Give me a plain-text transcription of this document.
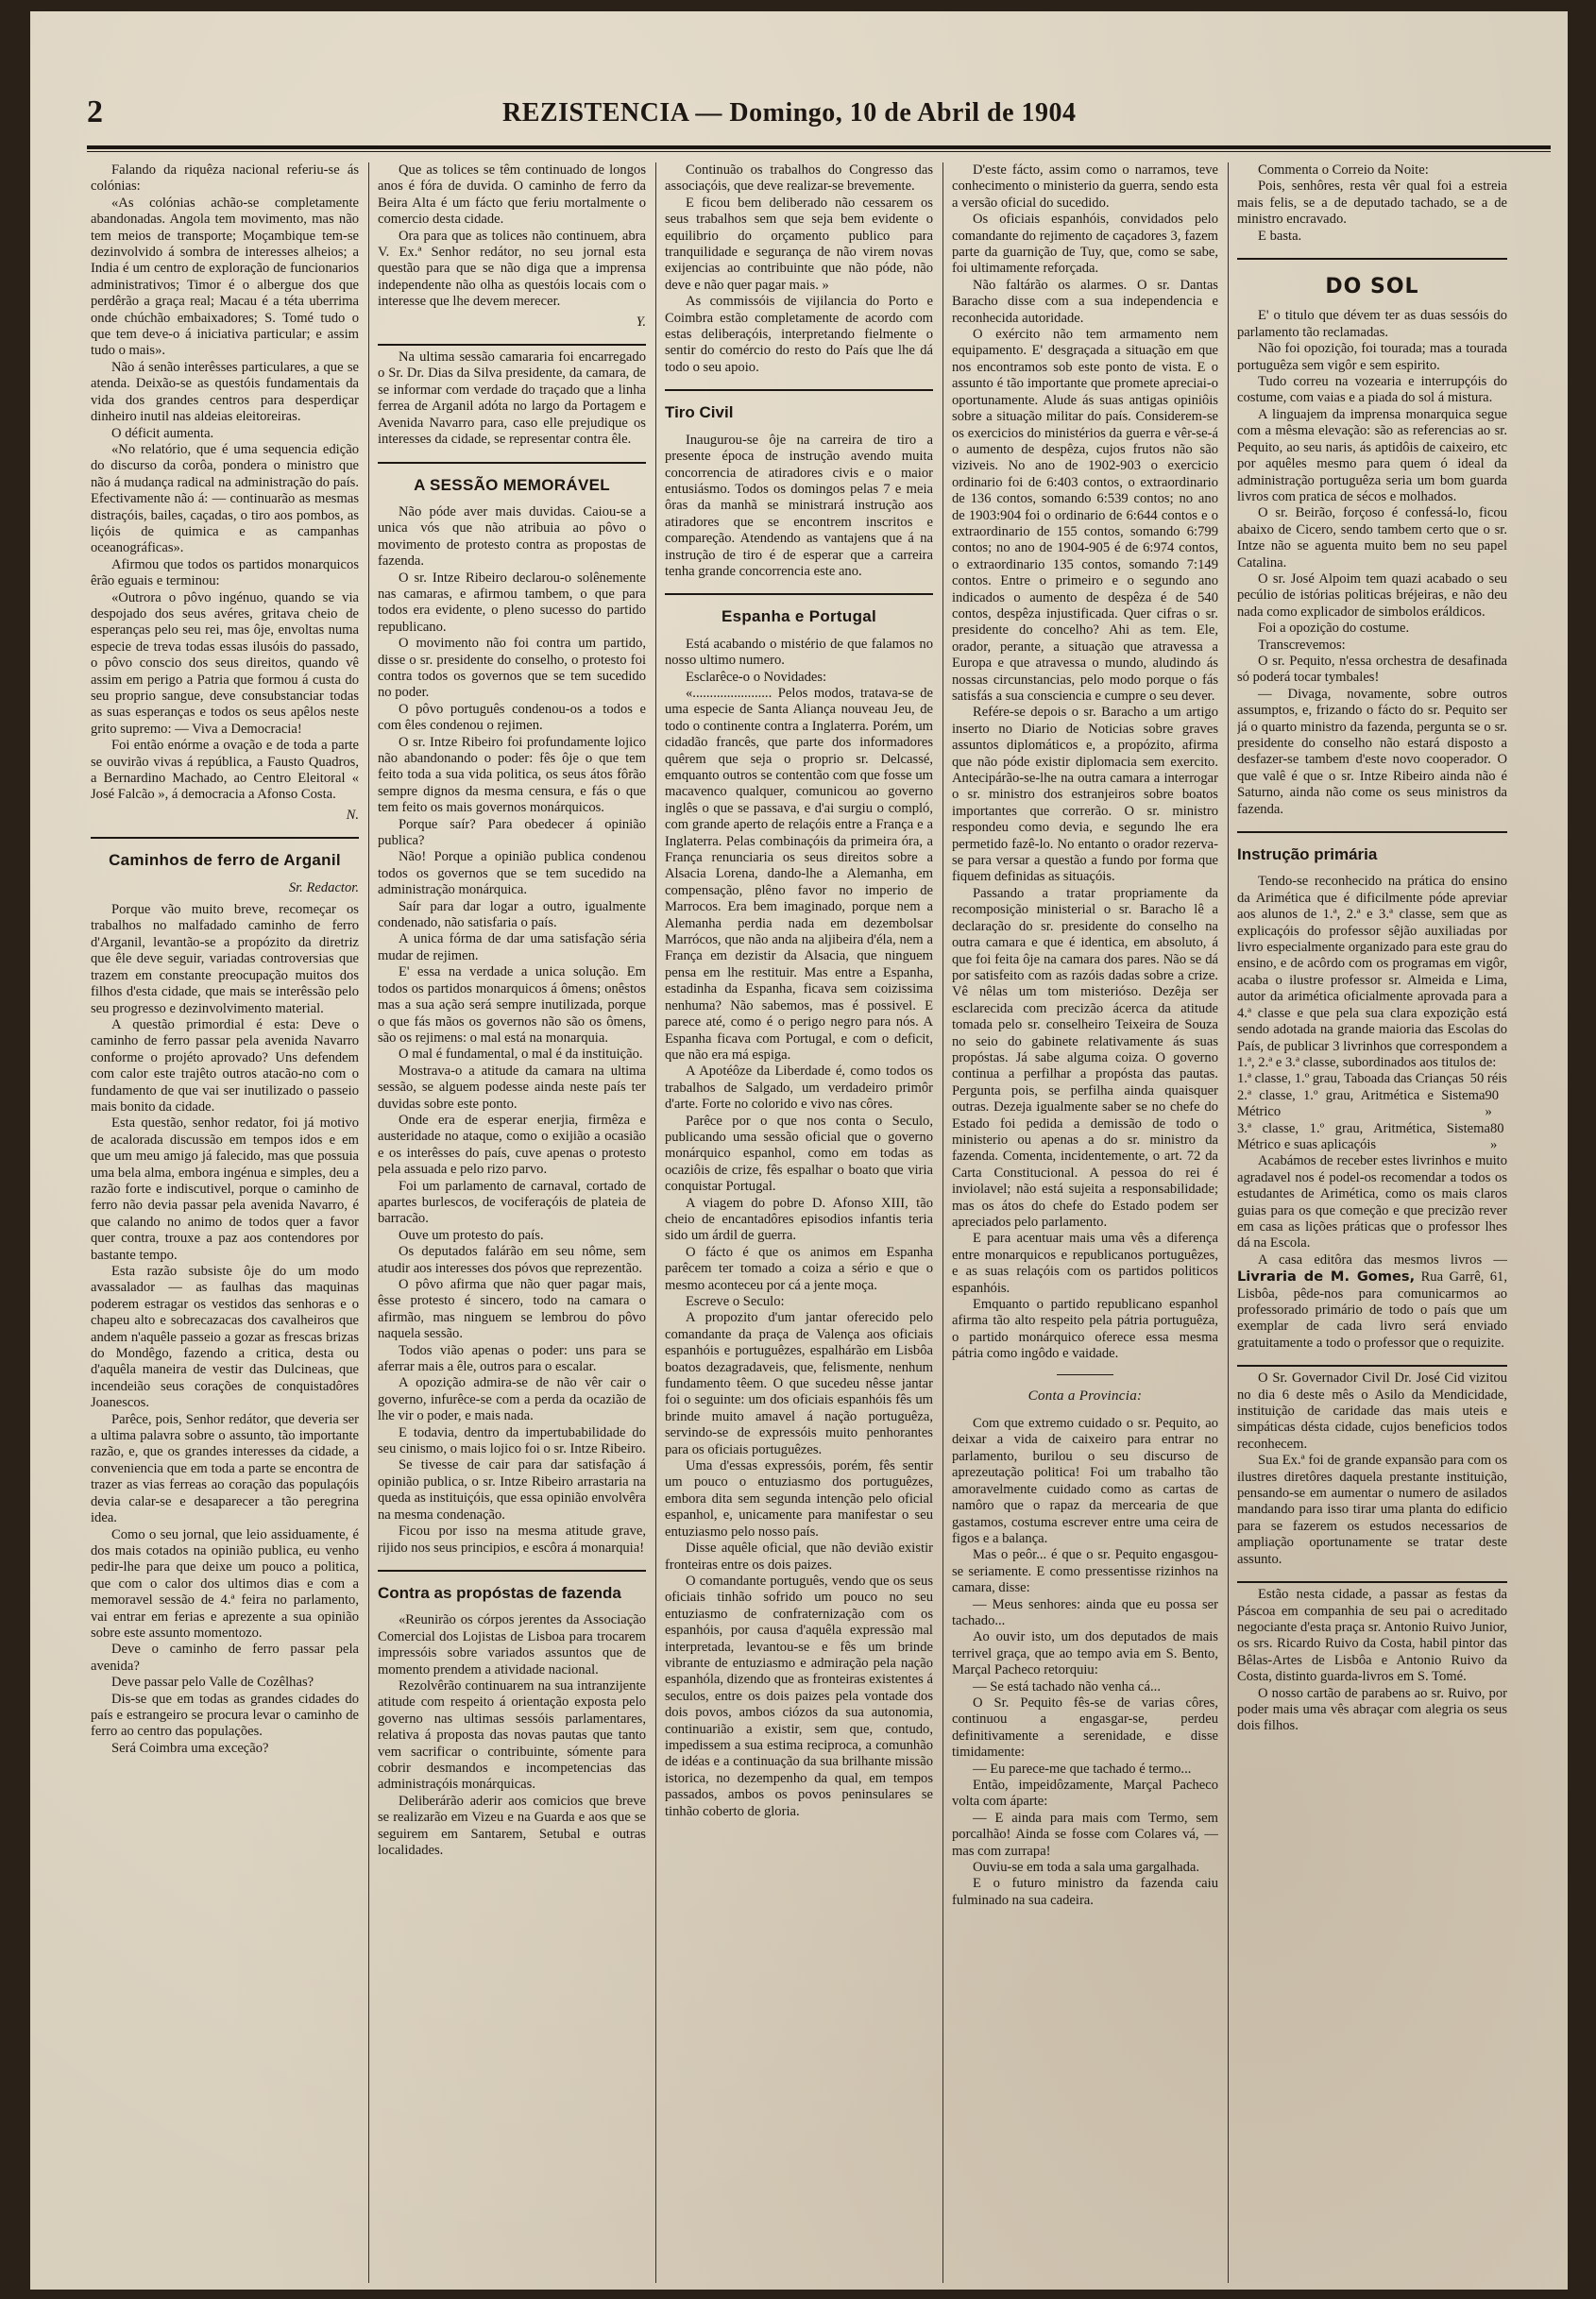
2	REZISTENCIA — Domingo, 10 de Abril de 1904

Falando da riquêza nacional referiu-se ás colónias:

«As colónias achão-se completamente abandonadas. Angola tem movimento, mas não tem meios de transporte; Moçambique tem-se dezinvolvido á sombra de interesses alheios; a India é um centro de exploração de funcionarios administrativos; Timor é o albergue dos que perdêrão a graça real; Macau é a téta uberrima onde chúchão embaixadores; S. Tomé tudo o que tem deve-o á iniciativa particular; e assim tudo o mais».

Não á senão interêsses particulares, a que se atenda. Deixão-se as questóis fundamentais da vida dos grandes centros para desperdiçar dinheiro inutil nas aldeias eleitoreiras.

O déficit aumenta.

«No relatório, que é uma sequencia edição do discurso da corôa, pondera o ministro que não á mudança radical na administração do país. Efectivamente não á: — continuarão as mesmas distraçóis, bailes, caçadas, o tiro aos pombos, as liçóis de quimica e as campanhas oceanográficas».

Afirmou que todos os partidos monarquicos êrão eguais e terminou:

«Outrora o pôvo ingénuo, quando se via despojado dos seus avéres, gritava cheio de esperanças pelo seu rei, mas ôje, envoltas numa especie de treva todas essas ilusóis do passado, o pôvo conscio dos seus direitos, quando vê assim em perigo a Patria que formou á custa do seu proprio sangue, deve consubstanciar todas as suas esperanças e todos os seus apêlos neste grito supremo: — Viva a Democracia!

Foi então enórme a ovação e de toda a parte se ouvirão vivas á república, a Fausto Quadros, a Bernardino Machado, ao Centro Eleitoral « José Falcão », á democracia a Afonso Costa.

N.

Caminhos de ferro de Arganil

Sr. Redactor.

Porque vão muito breve, recomeçar os trabalhos no malfadado caminho de ferro d'Arganil, levantão-se a propózito da diretriz que êle deve seguir, variadas controversias que trazem em constante preocupação muitos dos filhos d'esta cidade, que mais se interêssão pelo seu progresso e dezinvolvimento material.

A questão primordial é esta: Deve o caminho de ferro passar pela avenida Navarro conforme o projéto aprovado? Uns defendem com calor este trajêto outros atacão-no com o fundamento de que vai ser inutilizado o passeio mais bonito da cidade.

Esta questão, senhor redator, foi já motivo de acalorada discussão em tempos idos e em que um meu amigo já falecido, mas que possuia uma bela alma, embora ingénua e simples, deu a razão forte e indiscutivel, porque o caminho de ferro não devia passar pela avenida Navarro, é que calando no animo de todos quer a favor quer contra, trouxe a paz aos contendores por bastante tempo.

Esta razão subsiste ôje do um modo avassalador — as faulhas das maquinas poderem estragar os vestidos das senhoras e o chapeu alto e sobrecazacas dos cavalheiros que andem n'aquêle passeio a gozar as frescas brizas do Mondêgo, fazendo a critica, desta ou d'aquêla maneira de vestir das Dulcineas, que incendeião seus corações de conquistadôres Joanescos.

Parêce, pois, Senhor redátor, que deveria ser a ultima palavra sobre o assunto, tão importante razão, e, que os grandes interesses da cidade, a conveniencia que em toda a parte se encontra de trazer as vias ferreas ao coração das populaçóis devia calar-se e desaparecer a tão peregrina idea.

Como o seu jornal, que leio assiduamente, é dos mais cotados na opinião publica, eu venho pedir-lhe para que deixe um pouco a politica, que com o calor dos ultimos dias e com a memoravel sessão de 4.ª feira no parlamento, vai entrar em ferias e aprezente a sua opinião sobre este assunto momentozo.

Deve o caminho de ferro passar pela avenida?

Deve passar pelo Valle de Cozêlhas?

Dis-se que em todas as grandes cidades do país e estrangeiro se procura levar o caminho de ferro ao centro das populações.

Será Coimbra uma exceção?

Que as tolices se têm continuado de longos anos é fóra de duvida. O caminho de ferro da Beira Alta é um fácto que feriu mortalmente o comercio desta cidade.

Ora para que as tolices não continuem, abra V. Ex.ª Senhor redátor, no seu jornal esta questão para que se não diga que a imprensa independente não olha as questóis locais com o interesse que lhe devem merecer.

Y.

Na ultima sessão camararia foi encarregado o Sr. Dr. Dias da Silva presidente, da camara, de se informar com verdade do traçado que a linha ferrea de Arganil adóta no largo da Portagem e Avenida Navarro para, caso elle prejudique os interesses da cidade, se representar contra êle.

A SESSÃO MEMORÁVEL

Não póde aver mais duvidas. Caiou-se a unica vós que não atribuia ao pôvo o movimento de protesto contra as propostas de fazenda.

O sr. Intze Ribeiro declarou-o solênemente nas camaras, e afirmou tambem, o que para todos era evidente, o pleno sucesso do partido republicano.

O movimento não foi contra um partido, disse o sr. presidente do conselho, o protesto foi contra todos os governos que se tem sucedido no poder.

O pôvo português condenou-os a todos e com êles condenou o rejimen.

O sr. Intze Ribeiro foi profundamente lojico não abandonando o poder: fês ôje o que tem feito toda a sua vida politica, os seus átos fôrão sempre dignos da mesma censura, e fás o que tem feito os mais governos monárquicos.

Porque saír? Para obedecer á opinião publica?

Não! Porque a opinião publica condenou todos os governos que se tem sucedido na administração monárquica.

Saír para dar logar a outro, igualmente condenado, não satisfaria o país.

A unica fórma de dar uma satisfação séria mudar de rejimen.

E' essa na verdade a unica solução. Em todos os partidos monarquicos á ômens; onêstos mas a sua ação será sempre inutilizada, porque o que fás mãos os governos não são os ômens, são os rejimens: o mal está na monarquia.

O mal é fundamental, o mal é da instituição.

Mostrava-o a atitude da camara na ultima sessão, se alguem podesse ainda neste país ter duvidas sobre este ponto.

Onde era de esperar enerjia, firmêza e austeridade no ataque, como o exijião a ocasião e os interêsses do país, cuve apenas o protesto pela assuada e pelo rizo parvo.

Foi um parlamento de carnaval, cortado de apartes burlescos, de vociferaçóis de plateia de barracão.

Ouve um protesto do país.

Os deputados falárão em seu nôme, sem atudir aos interesses dos póvos que reprezentão.

O pôvo afirma que não quer pagar mais, êsse protesto é sincero, todo na camara o afirmão, mas ninguem se lembrou do pôvo naquela sessão.

Todos vião apenas o poder: uns para se aferrar mais a êle, outros para o escalar.

A opozição admira-se de não vêr cair o governo, infurêce-se com a perda da ocazião de lhe vir o poder, e mais nada.

E todavia, dentro da impertubabilidade do seu cinismo, o mais lojico foi o sr. Intze Ribeiro.

Se tivesse de cair para dar satisfação á opinião publica, o sr. Intze Ribeiro arrastaria na queda as instituiçóis, que essa opinião envolvêra na mesma condenação.

Ficou por isso na mesma atitude grave, rijido nos seus principios, e escôra á monarquia!

Contra as propóstas de fazenda

«Reunirão os córpos jerentes da Associação Comercial dos Lojistas de Lisboa para trocarem impressóis sobre variados assuntos que de momento prendem a atividade nacional.

Rezolvêrão continuarem na sua intranzijente atitude com respeito á orientação exposta pelo governo nas ultimas sessóis parlamentares, relativa á proposta das novas pautas que tanto vem sacrificar o contribuinte, sómente para cobrir desmandos e incompetencias das administraçóis monárquicas.

Deliberárão aderir aos comicios que breve se realizarão em Vizeu e na Guarda e aos que se seguirem em Santarem, Setubal e outras localidades.

Continuão os trabalhos do Congresso das associaçóis, que deve realizar-se brevemente.

E ficou bem deliberado não cessarem os seus trabalhos sem que seja bem evidente o equilibrio do orçamento publico para tranquilidade e segurança de não virem novas exijencias ao contribuinte que não póde, não deve e não quer pagar mais. »

As commissóis de vijilancia do Porto e Coimbra estão completamente de acordo com estas deliberaçóis, interpretando fielmente o sentir do comércio do resto do País que lhe dá todo o seu apoio.

Tiro Civil

Inaugurou-se ôje na carreira de tiro a presente época de instrução avendo muita concorrencia de atiradores civis e o maior entusiásmo. Todos os domingos pelas 7 e meia ôras da manhã se ministrará instrução aos atiradores que se encontrem inscritos e compareção. Atendendo as vantajens que á na instrução de tiro é de esperar que a carreira tenha grande concorrencia este ano.

Espanha e Portugal

Está acabando o mistério de que falamos no nosso ultimo numero.

Esclarêce-o o Novidades:

«....................... Pelos modos, tratava-se de uma especie de Santa Aliança nouveau Jeu, de todo o continente contra a Inglaterra. Porém, um cidadão francês, que parte dos informadores quêrem que seja o proprio sr. Delcassé, emquanto outros se contentão com que fosse um macavenco qualquer, comunicou ao governo inglês o que se passava, e d'ai surgiu o compló, com grande aperto de relaçóis entre a França e a Inglaterra. Pelas combinaçóis da primeira óra, a França renunciaria os seus direitos sobre a Alsacia Lorena, dando-lhe a Alemanha, em compensação, plêno favor no imperio de Marrocos. Era bem imaginado, porque nem a Alemanha perdia nada em dezembolsar Marrócos, que não anda na aljibeira d'éla, nem a França em dezistir da Alsacia, que ninguem pensa em lhe restituir. Mas entre a Espanha, estadinha da Espanha, ficava sem coizissima nenhuma? Não sabemos, mas é possivel. E parece até, como é o perigo negro para nós. A Espanha ficava com Portugal, e com o deficit, que não era má espiga.

A Apotéôze da Liberdade é, como todos os trabalhos de Salgado, um verdadeiro primôr d'arte. Forte no colorido e vivo nas côres.

Parêce por o que nos conta o Seculo, publicando uma sessão oficial que o governo monárquico espanhol, como em todas as ocaziôis de crize, fês espalhar o boato que viria conquistar Portugal.

A viagem do pobre D. Afonso XIII, tão cheio de encantadôres episodios infantis teria sido um árdil de guerra.

O fácto é que os animos em Espanha parêcem ter tomado a coiza a sério e que o mesmo aconteceu por cá a jente moça.

Escreve o Seculo:

A propozito d'um jantar oferecido pelo comandante da praça de Valença aos oficiais espanhóis e portuguêzes, espalhárão em Lisbôa boatos dezagradaveis, que, felismente, nenhum fundamento têem. O que sucedeu nêsse jantar foi o seguinte: um dos oficiais espanhóis fês um brinde muito amavel á nação portuguêza, servindo-se de expressóis muito penhorantes para os oficiais portuguêzes.

Uma d'essas expressóis, porém, fês sentir um pouco o entuziasmo dos portuguêzes, embora dita sem segunda intenção pelo oficial espanhol, e, unicamente para manifestar o seu entuziasmo pelo nosso país.

Disse aquêle oficial, que não devião existir fronteiras entre os dois paizes.

O comandante português, vendo que os seus oficiais tinhão sofrido um pouco no seu entuziasmo de confraternização com os espanhóis, por causa d'aquêla expressão mal interpretada, levantou-se e fês um brinde vibrante de entuziasmo e admiração pela nação espanhóla, dizendo que as fronteiras existentes á seculos, entre os dois paizes pela vontade dos dois povos, ambos ciózos da sua autonomia, continuarião a existir, sem que, contudo, impedissem a sua estima reciproca, a comunhão de idéas e a continuação da sua brilhante missão istorica, no dezempenho da qual, em tempos passados, ambos os povos peninsulares se tinhão coberto de gloria.

D'este fácto, assim como o narramos, teve conhecimento o ministerio da guerra, sendo esta a versão oficial do sucedido.

Os oficiais espanhóis, convidados pelo comandante do rejimento de caçadores 3, fazem parte da guarnição de Tuy, que, como se sabe, foi ultimamente reforçada.

Não faltárão os alarmes. O sr. Dantas Baracho disse com a sua independencia e reconhecida autoridade.

O exército não tem armamento nem equipamento. E' desgraçada a situação em que nos encontramos sob este ponto de vista. E o assunto é tão importante que promete apreciai-o oportunamente. Alude ás suas antigas opiniôis sobre a situação militar do país. Considerem-se os exercicios do ministérios da guerra e vêr-se-á o aumento de despêza, cujos frutos não são viziveis. No ano de 1902-903 o exercicio ordinario foi de 6:403 contos, o extraordinario de 136 contos, somando 6:539 contos; no ano de 1903:904 foi o ordinario de 6:644 contos e o extraordinario de 155 contos, somando 6:799 contos; no ano de 1904-905 é de 6:974 contos, o extraordinario 135 contos, somando 7:149 contos. Entre o primeiro e o segundo ano indicados o aumento de despêza é de 540 contos, despêza injustificada. Quer cifras o sr. presidente do concelho? Ahi as tem. Ele, orador, perante, a situação que atravessa a Europa e que atravessa o mundo, aludindo ás nossas circunstancias, pelo modo porque o fás satisfás a sua consciencia e cumpre o seu dever.

Refére-se depois o sr. Baracho a um artigo inserto no Diario de Noticias sobre graves assuntos diplomáticos e, a propózito, afirma que não póde existir diplomacia sem exercito. Antecipárão-se-lhe na outra camara a interrogar o sr. ministro dos estranjeiros sobre boatos importantes que correrão. O sr. ministro respondeu como devia, e segundo lhe era permetido fazê-lo. No entanto o orador rezerva-se para versar a questão a fundo por forma que fiquem definidas as situaçóis.

Passando a tratar propriamente da recomposição ministerial o sr. Baracho lê a declaração do sr. presidente do conselho na outra camara e que é identica, em absoluto, á que foi feita ôje na camara dos pares. Não se dá por satisfeito com as razóis dadas sobre a crize. Vê nêlas um tom misterióso. Dezêja ser esclarecida com precizão ácerca da atitude tomada pelo sr. conselheiro Teixeira de Souza no seio do gabinete relativamente ás suas propóstas. Já sabe alguma coiza. O governo continua a perfilhar a propósta das pautas. Pergunta pois, se perfilha ainda quaisquer outras. Dezeja igualmente saber se no chefe do Estado foi pedida a demissão de todo o ministerio ou apenas a do sr. ministro da fazenda. Comenta, incidentemente, o art. 72 da Carta Constitucional. A pessoa do rei é inviolavel; não está sujeita a responsabilidade; mas os átos do chefe do Estado podem ser apreciados pelo parlamento.

E para acentuar mais uma vês a diferença entre monarquicos e republicanos portuguêzes, e as suas relaçóis com os partidos politicos espanhóis.

Emquanto o partido republicano espanhol afirma tão alto respeito pela pátria portuguêza, o partido monárquico oferece essa mesma pátria como ingôdo e vaidade.

Conta a Provincia:

Com que extremo cuidado o sr. Pequito, ao deixar a vida de caixeiro para entrar no parlamento, burilou o seu discurso de aprezeutação politica! Foi um trabalho tão amoravelmente cuidado como as cartas de namôro que o rapaz da mercearia de que gastamos, costuma escrever entre uma ceira de figos e a balança.

Mas o peôr... é que o sr. Pequito engasgou-se seriamente. E como pressentisse rizinhos na camara, disse:

— Meus senhores: ainda que eu possa ser tachado...

Ao ouvir isto, um dos deputados de mais terrivel graça, que ao tempo avia em S. Bento, Marçal Pacheco retorquiu:

— Se está tachado não venha cá...

O Sr. Pequito fês-se de varias côres, continuou a engasgar-se, perdeu definitivamente a serenidade, e disse timidamente:

— Eu parece-me que tachado é termo...

Então, impeidôzamente, Marçal Pacheco volta com áparte:

— E ainda para mais com Termo, sem porcalhão! Ainda se fosse com Colares vá, — mas com zurrapa!

Ouviu-se em toda a sala uma gargalhada.

E o futuro ministro da fazenda caiu fulminado na sua cadeira.

Commenta o Correio da Noite:

Pois, senhôres, resta vêr qual foi a estreia mais felis, se a de deputado tachado, se a de ministro encravado.

E basta.

DO SOL

E' o titulo que dévem ter as duas sessóis do parlamento tão reclamadas.

Não foi opozição, foi tourada; mas a tourada portuguêza sem vigôr e sem espirito.

Tudo correu na vozearia e interrupçóis do costume, com vaias e a piada do sol á mistura.

A linguajem da imprensa monarquica segue com a mêsma elevação: são as referencias ao sr. Pequito, ao seu naris, ás aptidôis de caixeiro, etc por aquêles mesmo para quem ó ideal da administração portuguêza seria um bom guarda livros com pratica de sécos e molhados.

O sr. Beirão, forçoso é confessá-lo, ficou abaixo de Cicero, sendo tambem certo que o sr. Intze não se aguenta muito bem no seu papel Catalina.

O sr. José Alpoim tem quazi acabado o seu pecúlio de istórias politicas bréjeiras, e não deu nada como explicador de simbolos eráldicos.

Foi a opozição do costume.

Transcrevemos:

O sr. Pequito, n'essa orchestra de desafinada só poderá tocar tymbales!

— Divaga, novamente, sobre outros assumptos, e, frizando o fácto do sr. Pequito ser já o quarto ministro da fazenda, pergunta se o sr. presidente do conselho não estará disposto a desfazer-se tambem d'este novo cooperador. O que valê é que o sr. Intze Ribeiro ainda não é Saturno, ainda não come os seus ministros da fazenda.

Instrução primária

Tendo-se reconhecido na prática do ensino da Arimética que é dificilmente póde apreviar aos alunos de 1.ª, 2.ª e 3.ª classe, sem que as explicaçóis do professor sêjão auxiliadas por livro especialmente organizado para este grau do ensino, e de acôrdo com os programas em vigôr, acaba o ilustre professor sr. Almeida e Lima, autor da arimética oficialmente aprovada para a 4.ª classe e que pela sua clara expozição está sendo adotada na grande maioria das Escolas do País, de publicar 3 livrinhos que correspondem a 1.ª, 2.ª e 3.ª classe, subordinados aos titulos de:

1.ª classe, 1.º grau, Taboada das Crianças 50 réis

2.ª classe, 1.º grau, Aritmética e Sistema Métrico
90 »

3.ª classe, 1.º grau, Aritmética, Sistema Métrico e suas aplicaçóis
80 »

Acabámos de receber estes livrinhos e muito agradavel nos é podel-os recomendar a todos os estudantes de Arimética, como os mais claros guias para os que começão e que precizão rever em casa as lições práticas que o professor lhes dá na Escola.

A casa editôra das mesmos livros — Livraria de M. Gomes, Rua Garrê, 61, Lisbôa, pêde-nos para comunicarmos ao professorado primário de todo o país que um exemplar de cada livro será enviado gratuitamente a todo o professor que o requizite.

O Sr. Governador Civil Dr. José Cid vizitou no dia 6 deste mês o Asilo da Mendicidade, instituição de caridade das mais uteis e simpáticas désta cidade, cujos beneficios todos reconhecem.

Sua Ex.ª foi de grande expansão para com os ilustres diretôres daquela prestante instituição, pensando-se em aumentar o numero de asilados mandando para isso tirar uma planta do edificio para se fazerem os estudos necessarios de ampliação oportunamente se tratar deste assunto.

Estão nesta cidade, a passar as festas da Páscoa em companhia de seu pai o acreditado negociante d'esta praça sr. Antonio Ruivo Junior, os srs. Ricardo Ruivo da Costa, habil pintor das Bêlas-Artes de Lisbôa e Antonio Ruivo da Costa, distinto guarda-livros em S. Tomé.

O nosso cartão de parabens ao sr. Ruivo, por poder mais uma vês abraçar com alegria os seus dois filhos.
